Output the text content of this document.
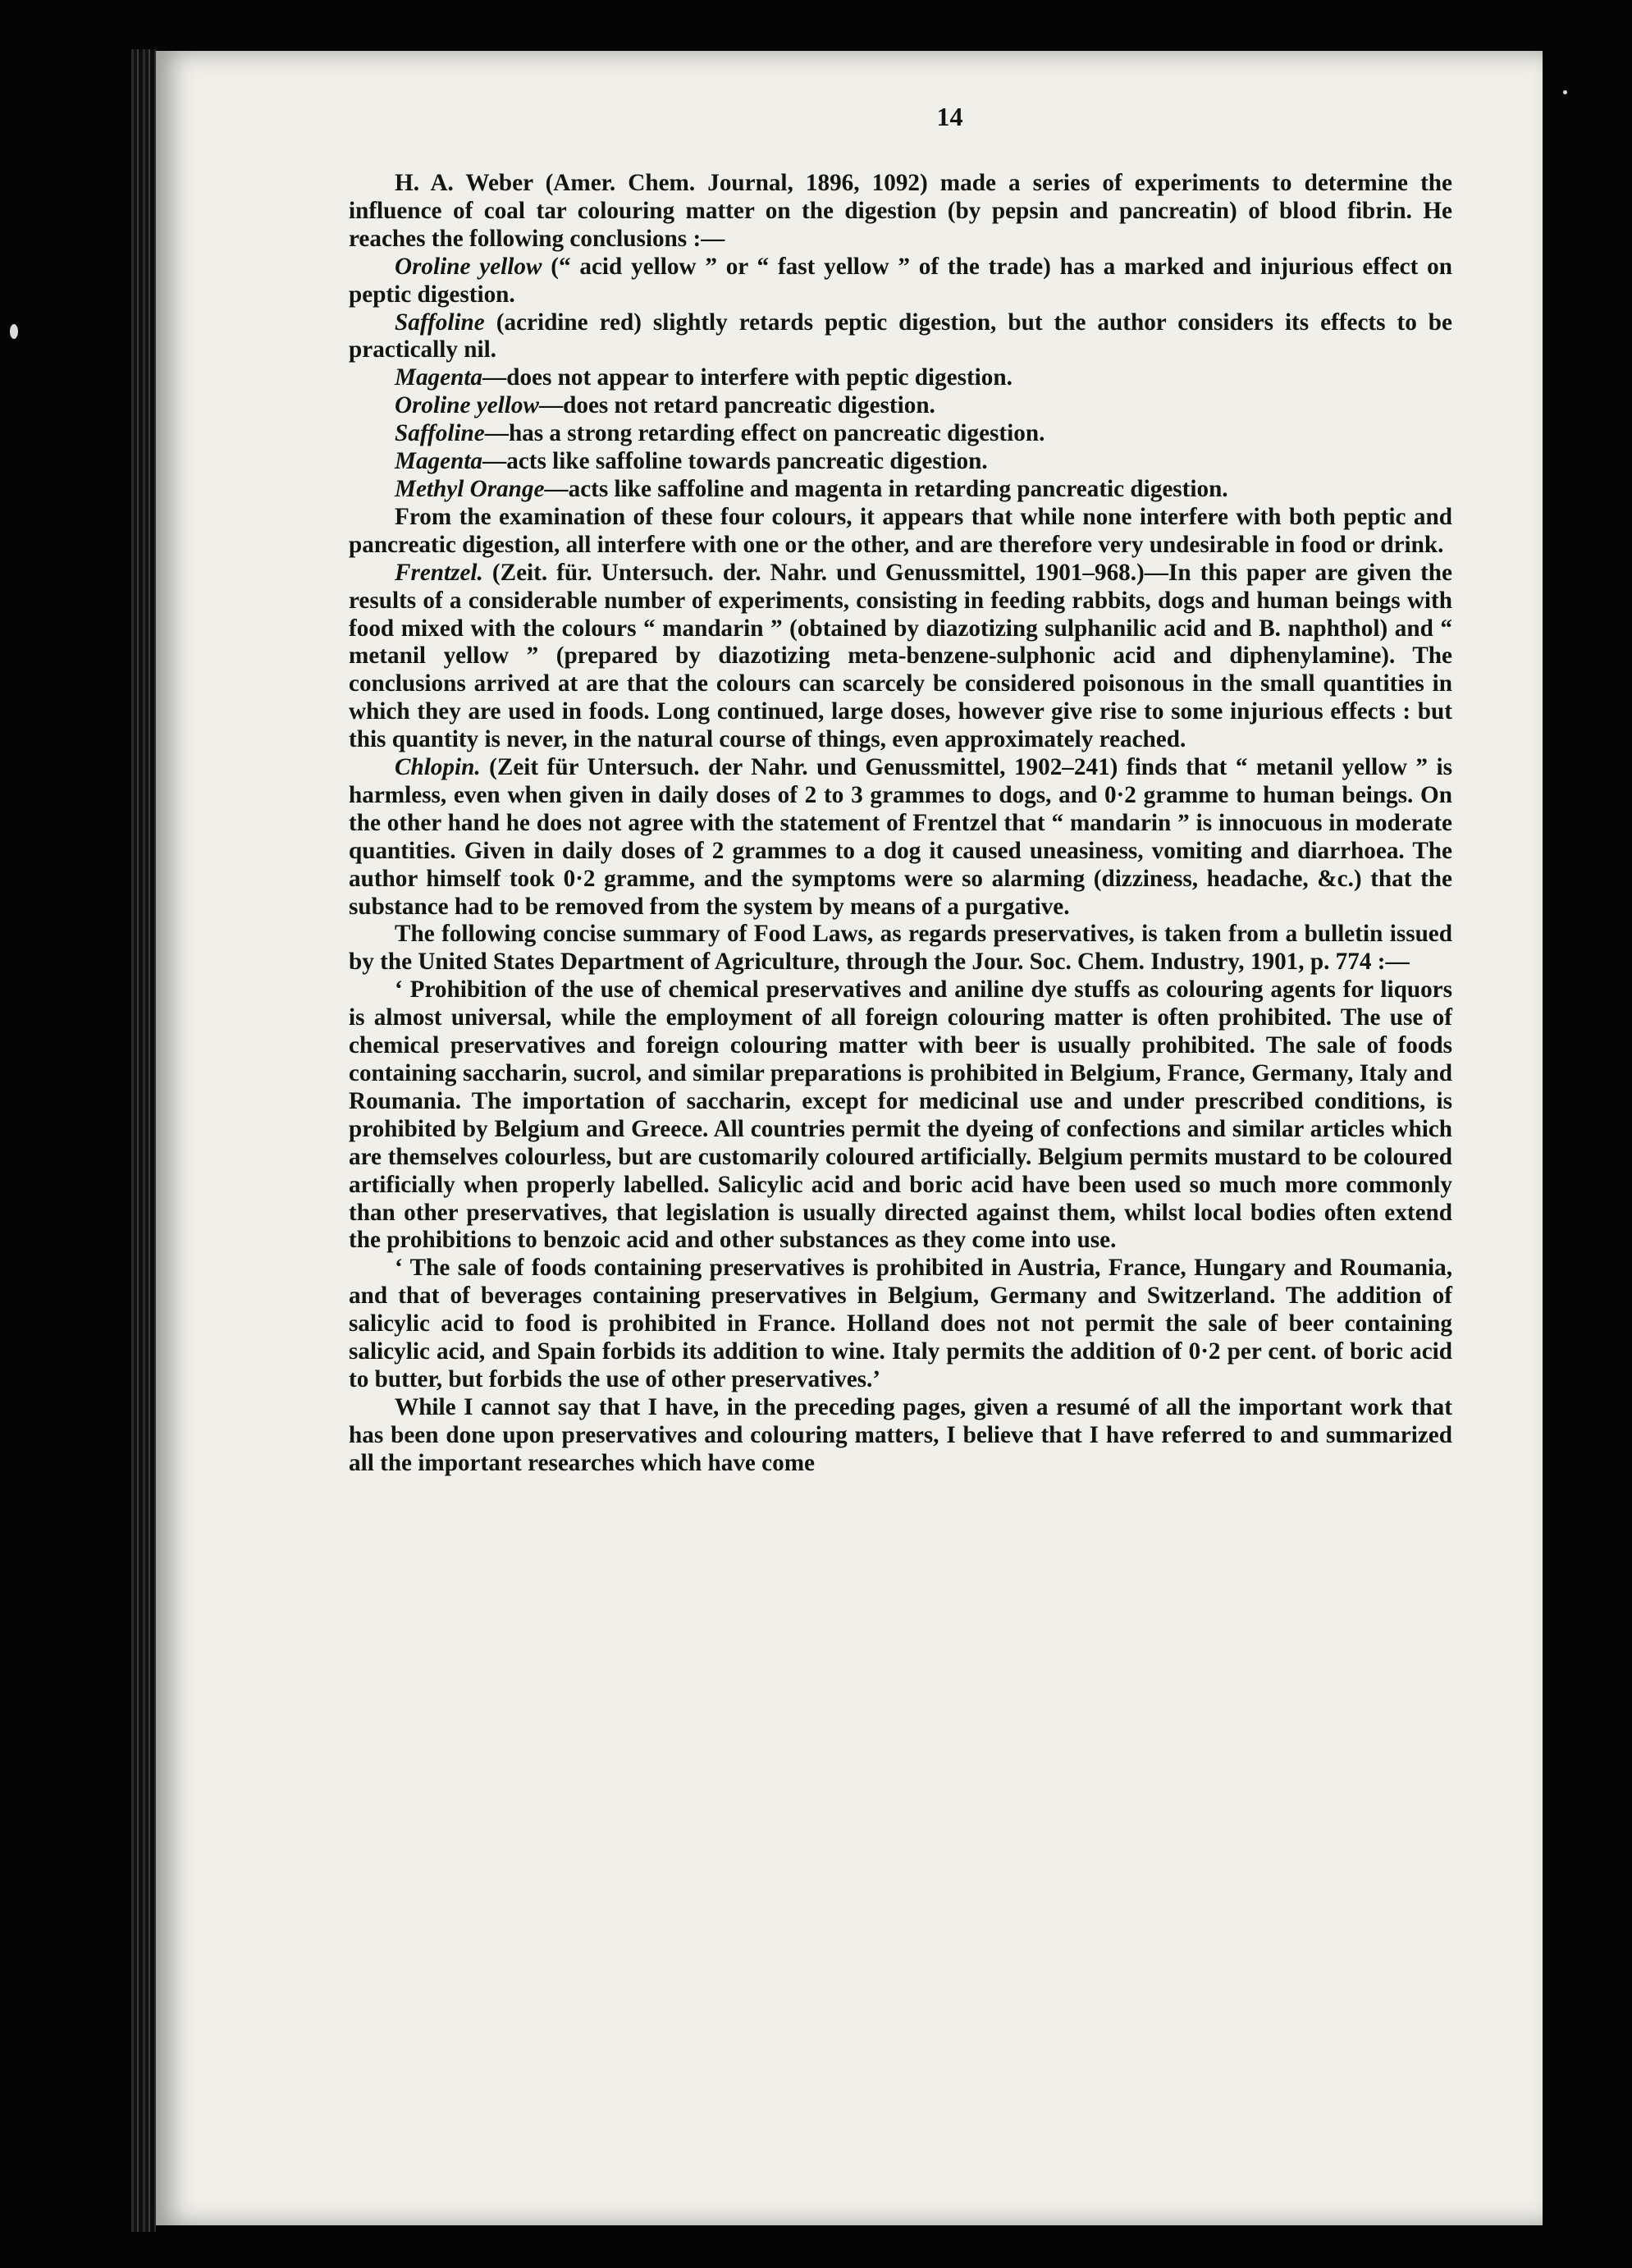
14

H. A. Weber (Amer. Chem. Journal, 1896, 1092) made a series of experiments to determine the influence of coal tar colouring matter on the digestion (by pepsin and pancreatin) of blood fibrin. He reaches the following conclusions :—

Oroline yellow (“ acid yellow ” or “ fast yellow ” of the trade) has a marked and injurious effect on peptic digestion.

Saffoline (acridine red) slightly retards peptic digestion, but the author considers its effects to be practically nil.

Magenta—does not appear to interfere with peptic digestion.

Oroline yellow—does not retard pancreatic digestion.

Saffoline—has a strong retarding effect on pancreatic digestion.

Magenta—acts like saffoline towards pancreatic digestion.

Methyl Orange—acts like saffoline and magenta in retarding pancreatic digestion.

From the examination of these four colours, it appears that while none interfere with both peptic and pancreatic digestion, all interfere with one or the other, and are therefore very undesirable in food or drink.

Frentzel. (Zeit. für. Untersuch. der. Nahr. und Genussmittel, 1901–968.)—In this paper are given the results of a considerable number of experiments, consisting in feeding rabbits, dogs and human beings with food mixed with the colours “ mandarin ” (obtained by diazotizing sulphanilic acid and B. naphthol) and “ metanil yellow ” (prepared by diazotizing meta-benzene-sulphonic acid and diphenylamine). The conclusions arrived at are that the colours can scarcely be considered poisonous in the small quantities in which they are used in foods. Long continued, large doses, however give rise to some injurious effects : but this quantity is never, in the natural course of things, even approximately reached.

Chlopin. (Zeit für Untersuch. der Nahr. und Genussmittel, 1902–241) finds that “ metanil yellow ” is harmless, even when given in daily doses of 2 to 3 grammes to dogs, and 0·2 gramme to human beings. On the other hand he does not agree with the statement of Frentzel that “ mandarin ” is innocuous in moderate quantities. Given in daily doses of 2 grammes to a dog it caused uneasiness, vomiting and diarrhoea. The author himself took 0·2 gramme, and the symptoms were so alarming (dizziness, headache, &c.) that the substance had to be removed from the system by means of a purgative.

The following concise summary of Food Laws, as regards preservatives, is taken from a bulletin issued by the United States Department of Agriculture, through the Jour. Soc. Chem. Industry, 1901, p. 774 :—

‘ Prohibition of the use of chemical preservatives and aniline dye stuffs as colouring agents for liquors is almost universal, while the employment of all foreign colouring matter is often prohibited. The use of chemical preservatives and foreign colouring matter with beer is usually prohibited. The sale of foods containing saccharin, sucrol, and similar preparations is prohibited in Belgium, France, Germany, Italy and Roumania. The importation of saccharin, except for medicinal use and under prescribed conditions, is prohibited by Belgium and Greece. All countries permit the dyeing of confections and similar articles which are themselves colourless, but are customarily coloured artificially. Belgium permits mustard to be coloured artificially when properly labelled. Salicylic acid and boric acid have been used so much more commonly than other preservatives, that legislation is usually directed against them, whilst local bodies often extend the prohibitions to benzoic acid and other substances as they come into use.

‘ The sale of foods containing preservatives is prohibited in Austria, France, Hungary and Roumania, and that of beverages containing preservatives in Belgium, Germany and Switzerland. The addition of salicylic acid to food is prohibited in France. Holland does not not permit the sale of beer containing salicylic acid, and Spain forbids its addition to wine. Italy permits the addition of 0·2 per cent. of boric acid to butter, but forbids the use of other preservatives.’

While I cannot say that I have, in the preceding pages, given a resumé of all the important work that has been done upon preservatives and colouring matters, I believe that I have referred to and summarized all the important researches which have come
